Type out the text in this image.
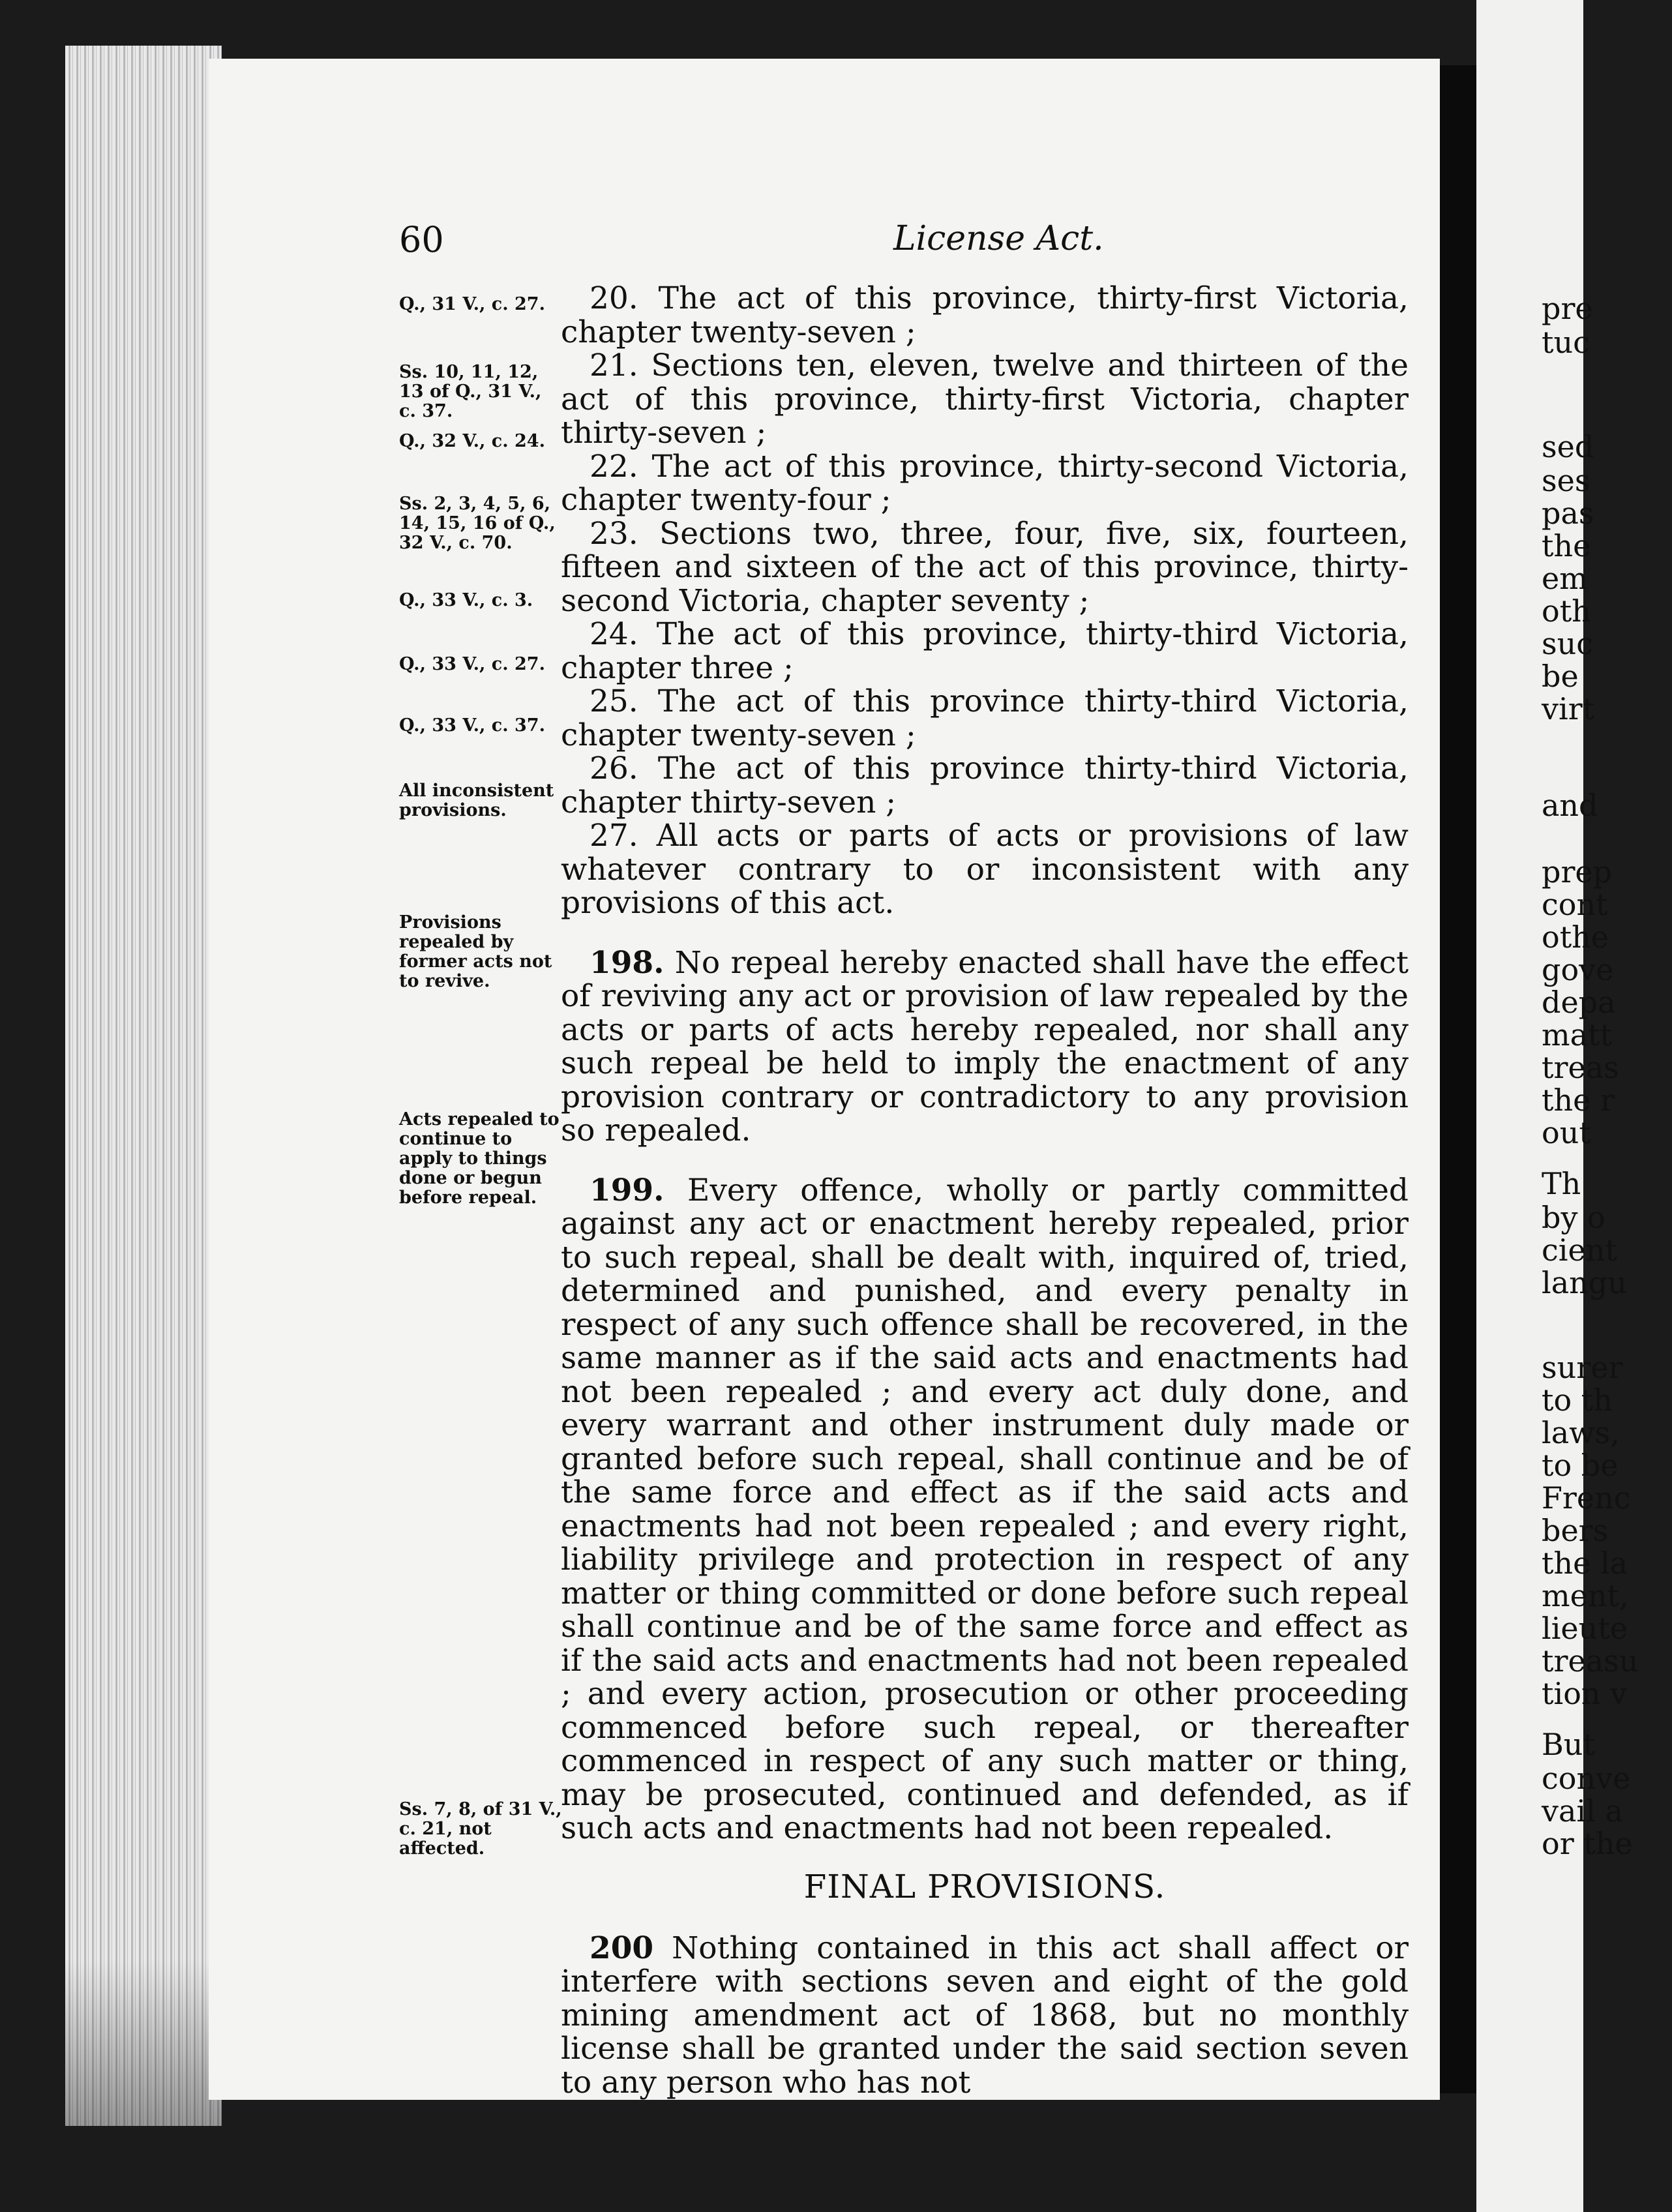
pre
tuc
sed
ses
pas
the
em
oth
suc
be
virt
and
prep
cont
othe
gove
depa
matt
treas
the r
out
Th
by o
cient
langu
surer
to th
laws,
to be
Frenc
bers
the la
ment,
lieute
treasu
tion v
But
conve
vail a
or the
60	License Act.
Q., 31 V., c. 27.
Ss. 10, 11, 12, 13 of Q., 31 V., c. 37.
Q., 32 V., c. 24.
Ss. 2, 3, 4, 5, 6, 14, 15, 16 of Q., 32 V., c. 70.
Q., 33 V., c. 3.
Q., 33 V., c. 27.
Q., 33 V., c. 37.
All inconsistent provisions.
Provisions repealed by former acts not to revive.
Acts repealed to continue to apply to things done or begun before repeal.
Ss. 7, 8, of 31 V., c. 21, not affected.

20. The act of this province, thirty-first Victoria, chapter twenty-seven ;

21. Sections ten, eleven, twelve and thirteen of the act of this province, thirty-first Victoria, chapter thirty-seven ;

22. The act of this province, thirty-second Victoria, chapter twenty-four ;

23. Sections two, three, four, five, six, fourteen, fifteen and sixteen of the act of this province, thirty-second Victoria, chapter seventy ;

24. The act of this province, thirty-third Victoria, chapter three ;

25. The act of this province thirty-third Victoria, chapter twenty-seven ;

26. The act of this province thirty-third Victoria, chapter thirty-seven ;

27. All acts or parts of acts or provisions of law whatever contrary to or inconsistent with any provisions of this act.

198. No repeal hereby enacted shall have the effect of reviving any act or provision of law repealed by the acts or parts of acts hereby repealed, nor shall any such repeal be held to imply the enactment of any provision contrary or contradictory to any provision so repealed.

199. Every offence, wholly or partly committed against any act or enactment hereby repealed, prior to such repeal, shall be dealt with, inquired of, tried, determined and punished, and every penalty in respect of any such offence shall be recovered, in the same manner as if the said acts and enactments had not been repealed ; and every act duly done, and every warrant and other instrument duly made or granted before such repeal, shall continue and be of the same force and effect as if the said acts and enactments had not been repealed ; and every right, liability privilege and protection in respect of any matter or thing committed or done before such repeal shall continue and be of the same force and effect as if the said acts and enactments had not been repealed ; and every action, prosecution or other proceeding commenced before such repeal, or thereafter commenced in respect of any such matter or thing, may be prosecuted, continued and defended, as if such acts and enactments had not been repealed.

FINAL PROVISIONS.

200 Nothing contained in this act shall affect or interfere with sections seven and eight of the gold mining amendment act of 1868, but no monthly license shall be granted under the said section seven to any person who has not
